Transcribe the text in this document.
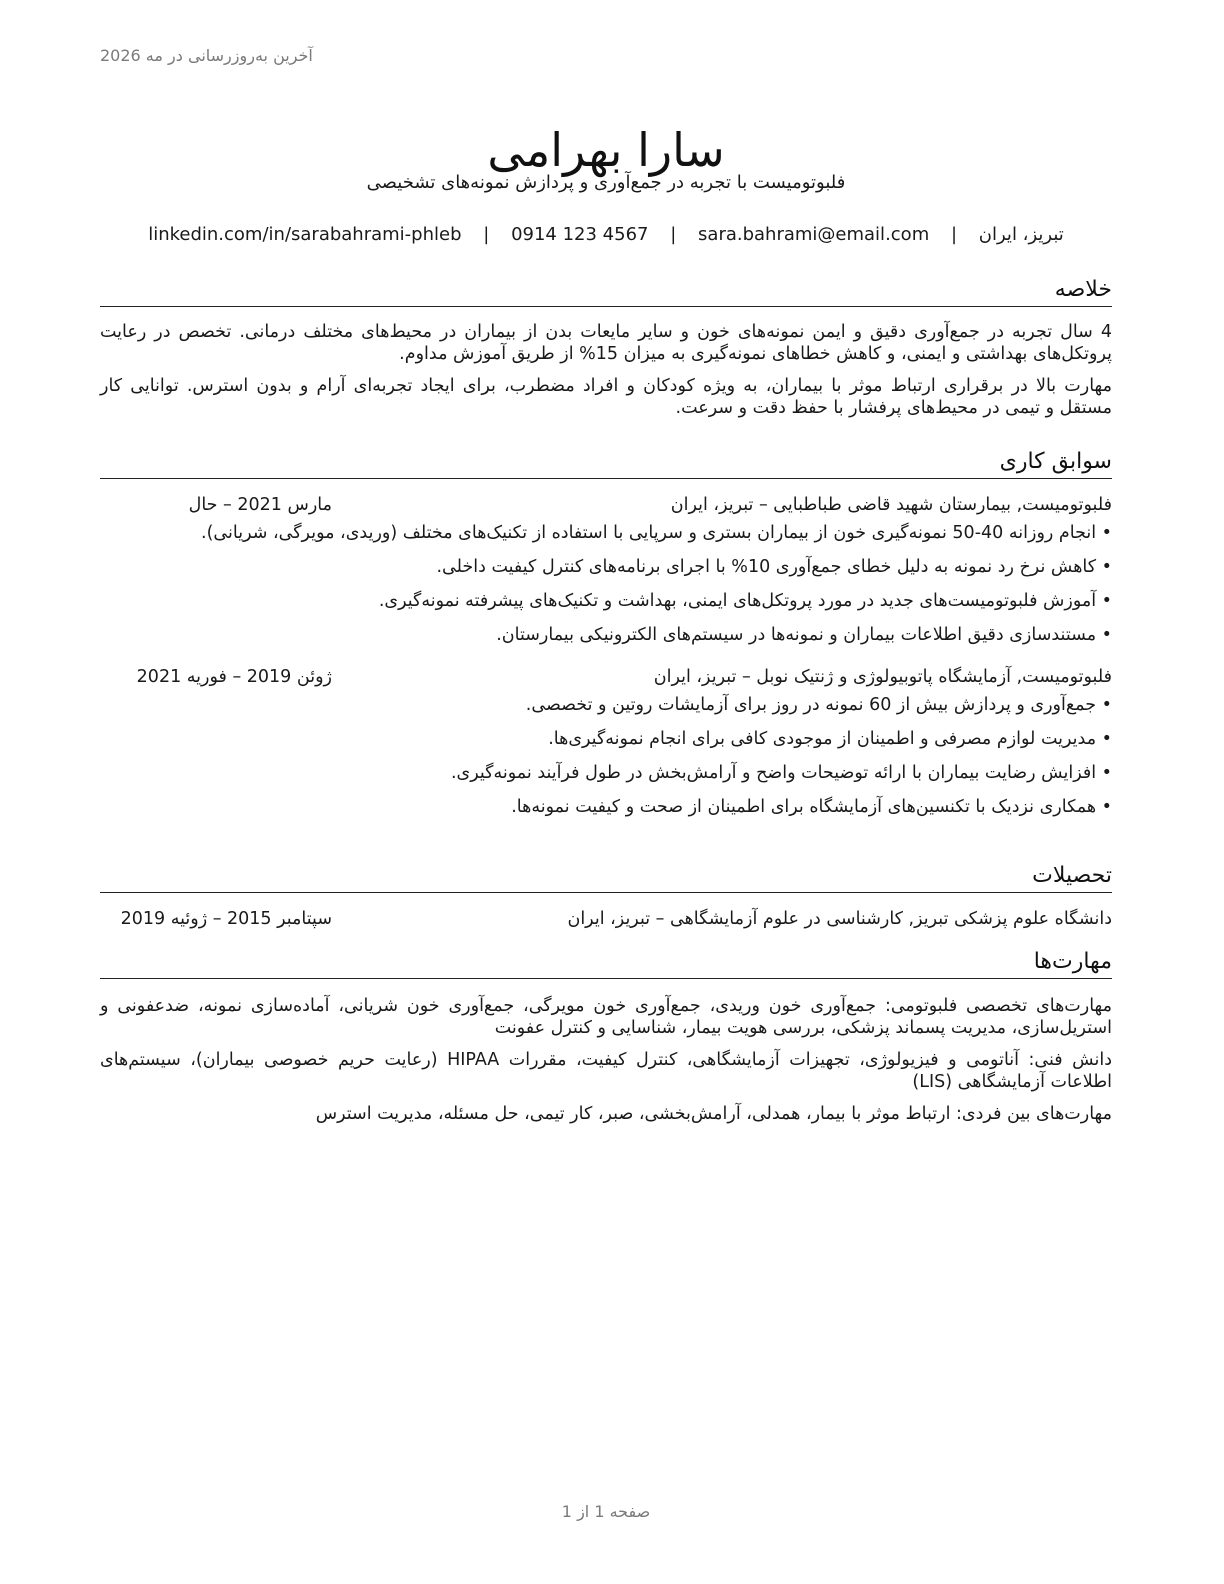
آخرین به‌روزرسانی در مه 2026
سارا بهرامی
فلبوتومیست با تجربه در جمع‌آوری و پردازش نمونه‌های تشخیصی
تبریز، ایران | sara.bahrami@email.com | 0914 123 4567 | linkedin.com/in/sarabahrami-phleb
خلاصه

4 سال تجربه در جمع‌آوری دقیق و ایمن نمونه‌های خون و سایر مایعات بدن از بیماران در محیط‌های مختلف درمانی. تخصص در رعایت پروتکل‌های بهداشتی و ایمنی، و کاهش خطاهای نمونه‌گیری به میزان 15% از طریق آموزش مداوم.

مهارت بالا در برقراری ارتباط موثر با بیماران، به ویژه کودکان و افراد مضطرب، برای ایجاد تجربه‌ای آرام و بدون استرس. توانایی کار مستقل و تیمی در محیط‌های پرفشار با حفظ دقت و سرعت.

سوابق کاری
فلبوتومیست, بیمارستان شهید قاضی طباطبایی – تبریز، ایران
مارس 2021 – حال
• انجام روزانه 40-50 نمونه‌گیری خون از بیماران بستری و سرپایی با استفاده از تکنیک‌های مختلف (وریدی، مویرگی، شریانی).
• کاهش نرخ رد نمونه به دلیل خطای جمع‌آوری 10% با اجرای برنامه‌های کنترل کیفیت داخلی.
• آموزش فلبوتومیست‌های جدید در مورد پروتکل‌های ایمنی، بهداشت و تکنیک‌های پیشرفته نمونه‌گیری.
• مستندسازی دقیق اطلاعات بیماران و نمونه‌ها در سیستم‌های الکترونیکی بیمارستان.
فلبوتومیست, آزمایشگاه پاتوبیولوژی و ژنتیک نوبل – تبریز، ایران
ژوئن 2019 – فوریه 2021
• جمع‌آوری و پردازش بیش از 60 نمونه در روز برای آزمایشات روتین و تخصصی.
• مدیریت لوازم مصرفی و اطمینان از موجودی کافی برای انجام نمونه‌گیری‌ها.
• افزایش رضایت بیماران با ارائه توضیحات واضح و آرامش‌بخش در طول فرآیند نمونه‌گیری.
• همکاری نزدیک با تکنسین‌های آزمایشگاه برای اطمینان از صحت و کیفیت نمونه‌ها.
تحصیلات
دانشگاه علوم پزشکی تبریز, کارشناسی در علوم آزمایشگاهی – تبریز، ایران
سپتامبر 2015 – ژوئیه 2019
مهارت‌ها

مهارت‌های تخصصی فلبوتومی: جمع‌آوری خون وریدی، جمع‌آوری خون مویرگی، جمع‌آوری خون شریانی، آماده‌سازی نمونه، ضدعفونی و استریل‌سازی، مدیریت پسماند پزشکی، بررسی هویت بیمار، شناسایی و کنترل عفونت

دانش فنی: آناتومی و فیزیولوژی، تجهیزات آزمایشگاهی، کنترل کیفیت، مقررات HIPAA (رعایت حریم خصوصی بیماران)، سیستم‌های اطلاعات آزمایشگاهی (LIS)

مهارت‌های بین فردی: ارتباط موثر با بیمار، همدلی، آرامش‌بخشی، صبر، کار تیمی، حل مسئله، مدیریت استرس

صفحه 1 از 1
